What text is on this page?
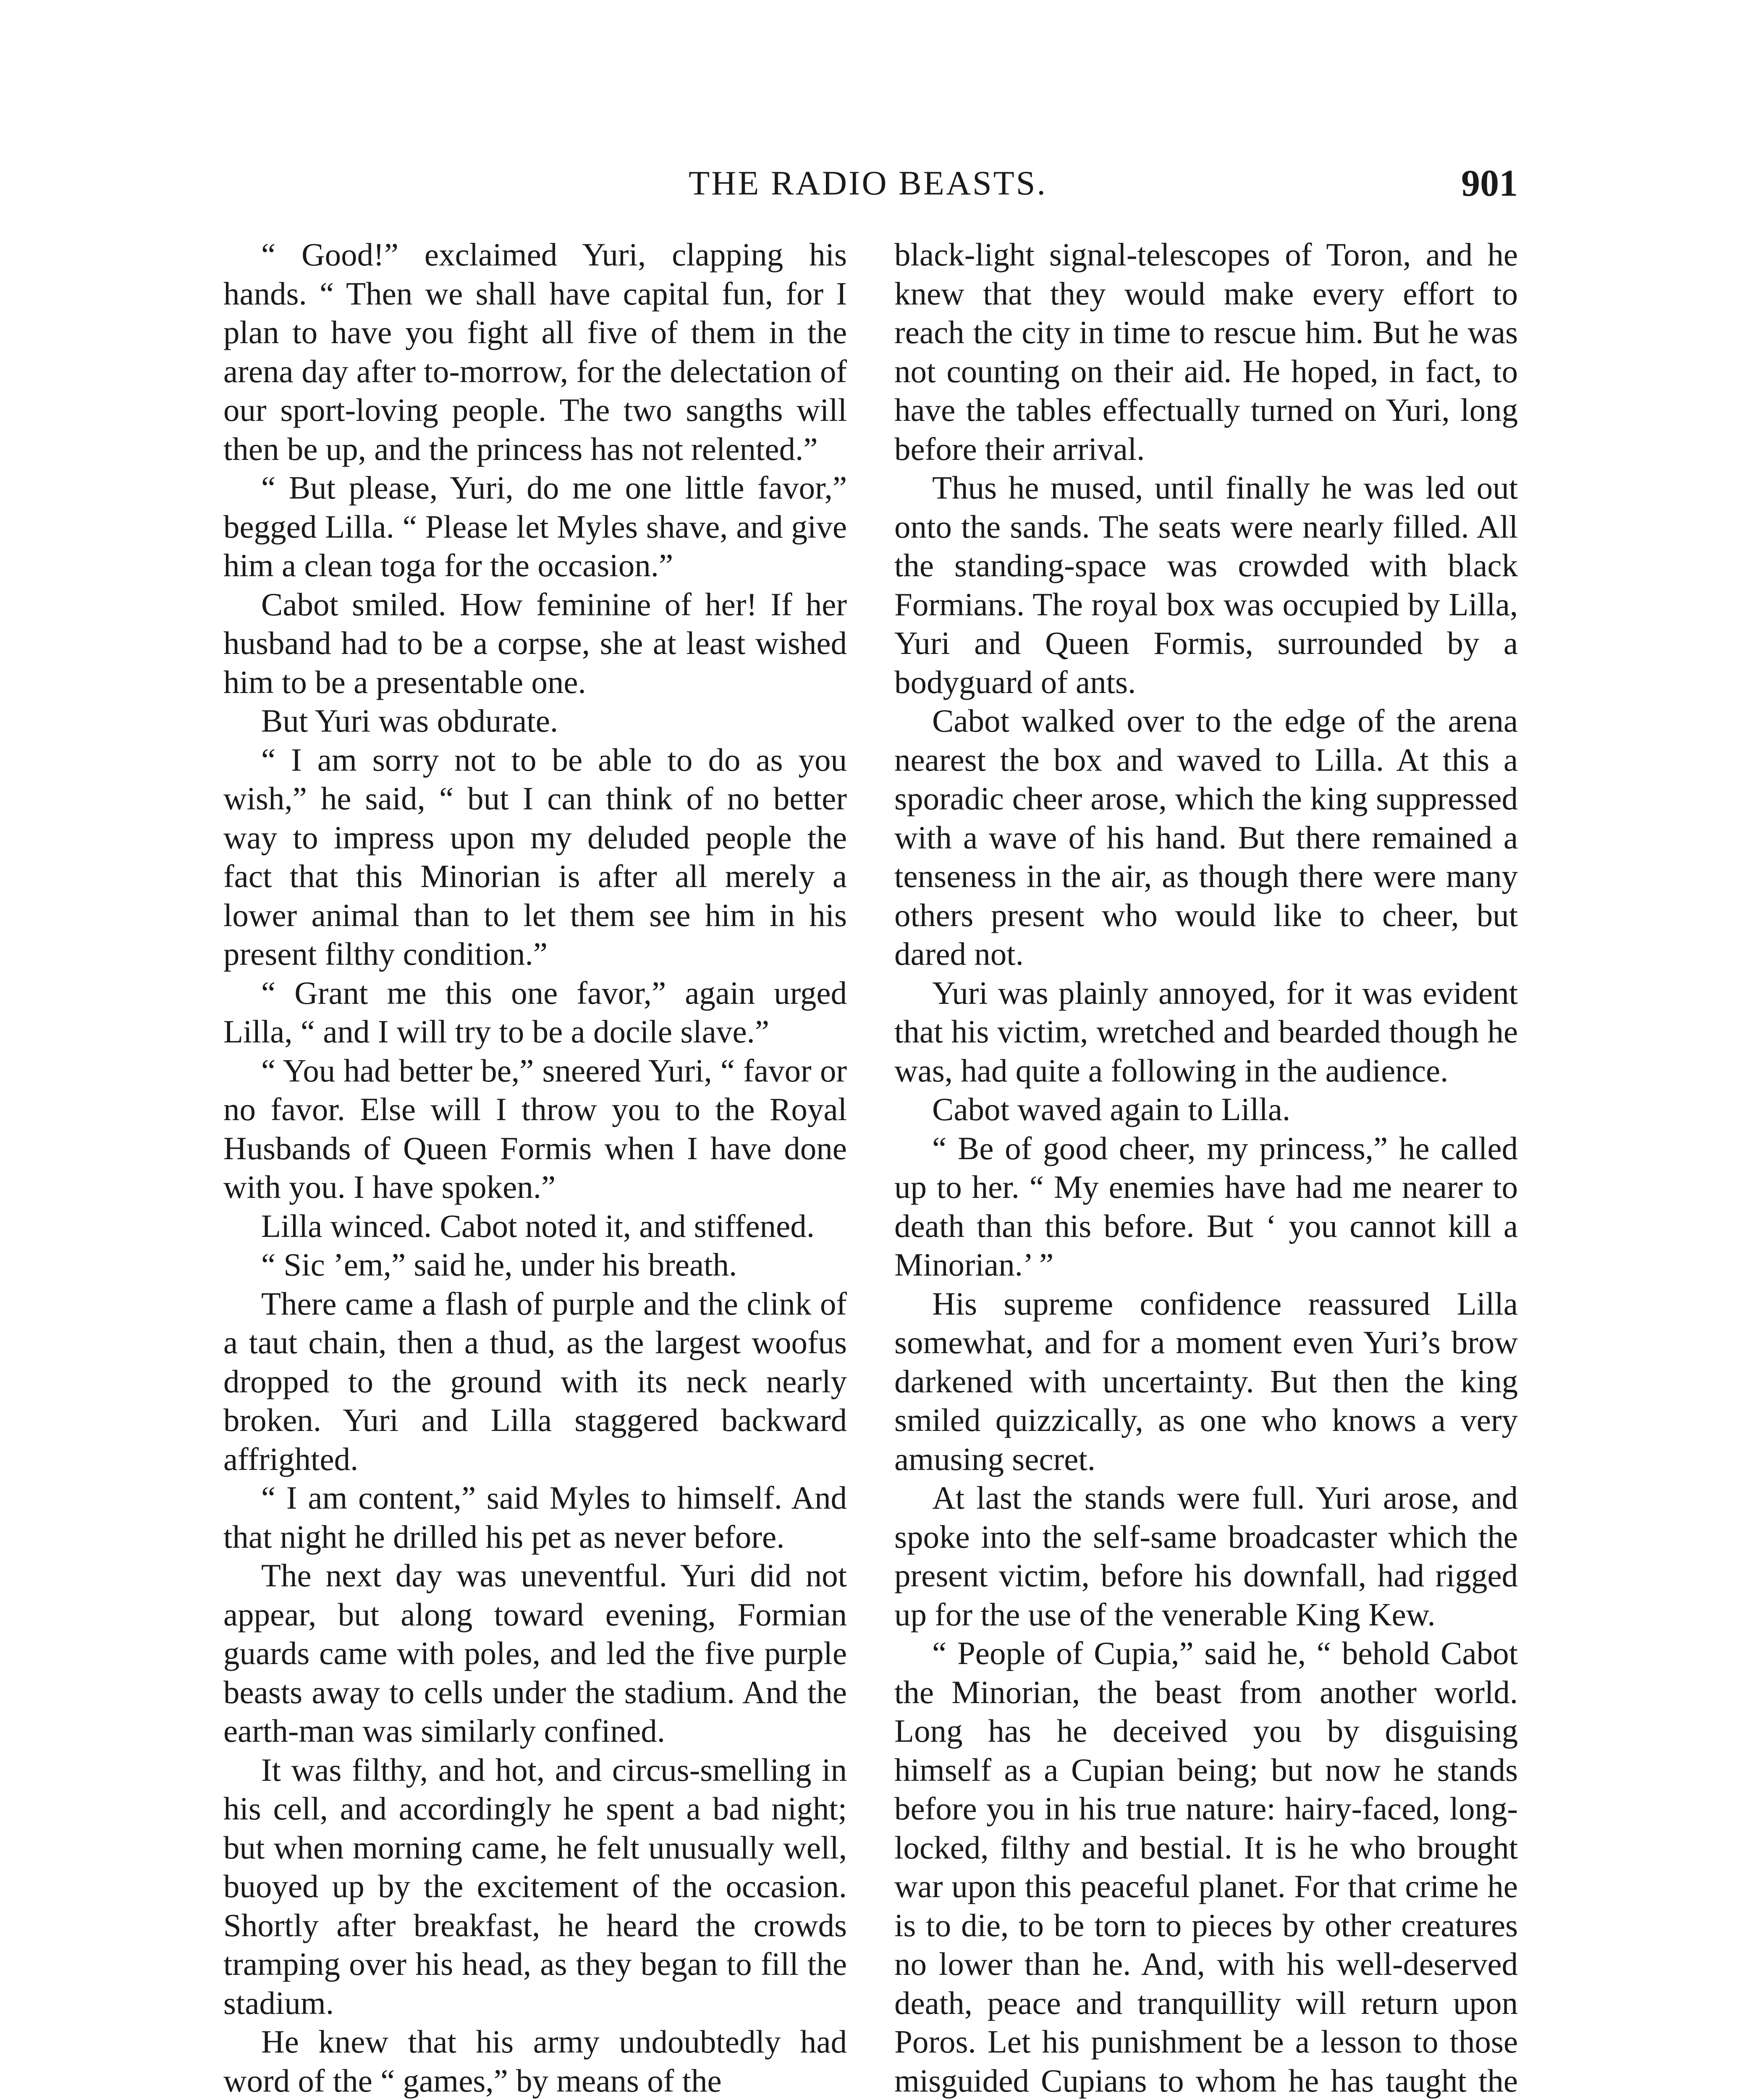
THE RADIO BEASTS.	901

“ Good!” exclaimed Yuri, clapping his hands. “ Then we shall have capital fun, for I plan to have you fight all five of them in the arena day after to-morrow, for the delectation of our sport-loving people. The two sangths will then be up, and the princess has not relented.”

“ But please, Yuri, do me one little favor,” begged Lilla. “ Please let Myles shave, and give him a clean toga for the occasion.”

Cabot smiled. How feminine of her! If her husband had to be a corpse, she at least wished him to be a presentable one.

But Yuri was obdurate.

“ I am sorry not to be able to do as you wish,” he said, “ but I can think of no better way to impress upon my deluded people the fact that this Minorian is after all merely a lower animal than to let them see him in his present filthy condition.”

“ Grant me this one favor,” again urged Lilla, “ and I will try to be a docile slave.”

“ You had better be,” sneered Yuri, “ favor or no favor. Else will I throw you to the Royal Husbands of Queen Formis when I have done with you. I have spoken.”

Lilla winced. Cabot noted it, and stiffened.

“ Sic ’em,” said he, under his breath.

There came a flash of purple and the clink of a taut chain, then a thud, as the largest woofus dropped to the ground with its neck nearly broken. Yuri and Lilla staggered backward affrighted.

“ I am content,” said Myles to himself. And that night he drilled his pet as never before.

The next day was uneventful. Yuri did not appear, but along toward evening, Formian guards came with poles, and led the five purple beasts away to cells under the stadium. And the earth-man was similarly confined.

It was filthy, and hot, and circus-smelling in his cell, and accordingly he spent a bad night; but when morning came, he felt unusually well, buoyed up by the excitement of the occasion. Shortly after breakfast, he heard the crowds tramping over his head, as they began to fill the stadium.

He knew that his army undoubtedly had word of the “ games,” by means of the

black-light signal-telescopes of Toron, and he knew that they would make every effort to reach the city in time to rescue him. But he was not counting on their aid. He hoped, in fact, to have the tables effectually turned on Yuri, long before their arrival.

Thus he mused, until finally he was led out onto the sands. The seats were nearly filled. All the standing-space was crowded with black Formians. The royal box was occupied by Lilla, Yuri and Queen Formis, surrounded by a bodyguard of ants.

Cabot walked over to the edge of the arena nearest the box and waved to Lilla. At this a sporadic cheer arose, which the king suppressed with a wave of his hand. But there remained a tenseness in the air, as though there were many others present who would like to cheer, but dared not.

Yuri was plainly annoyed, for it was evident that his victim, wretched and bearded though he was, had quite a following in the audience.

Cabot waved again to Lilla.

“ Be of good cheer, my princess,” he called up to her. “ My enemies have had me nearer to death than this before. But ‘ you cannot kill a Minorian.’ ”

His supreme confidence reassured Lilla somewhat, and for a moment even Yuri’s brow darkened with uncertainty. But then the king smiled quizzically, as one who knows a very amusing secret.

At last the stands were full. Yuri arose, and spoke into the self-same broadcaster which the present victim, before his downfall, had rigged up for the use of the venerable King Kew.

“ People of Cupia,” said he, “ behold Cabot the Minorian, the beast from another world. Long has he deceived you by disguising himself as a Cupian being; but now he stands before you in his true nature: hairy-faced, long-locked, filthy and bestial. It is he who brought war upon this peaceful planet. For that crime he is to die, to be torn to pieces by other creatures no lower than he. And, with his well-deserved death, peace and tranquillity will return upon Poros. Let his punishment be a lesson to those misguided Cupians to whom he has taught the
